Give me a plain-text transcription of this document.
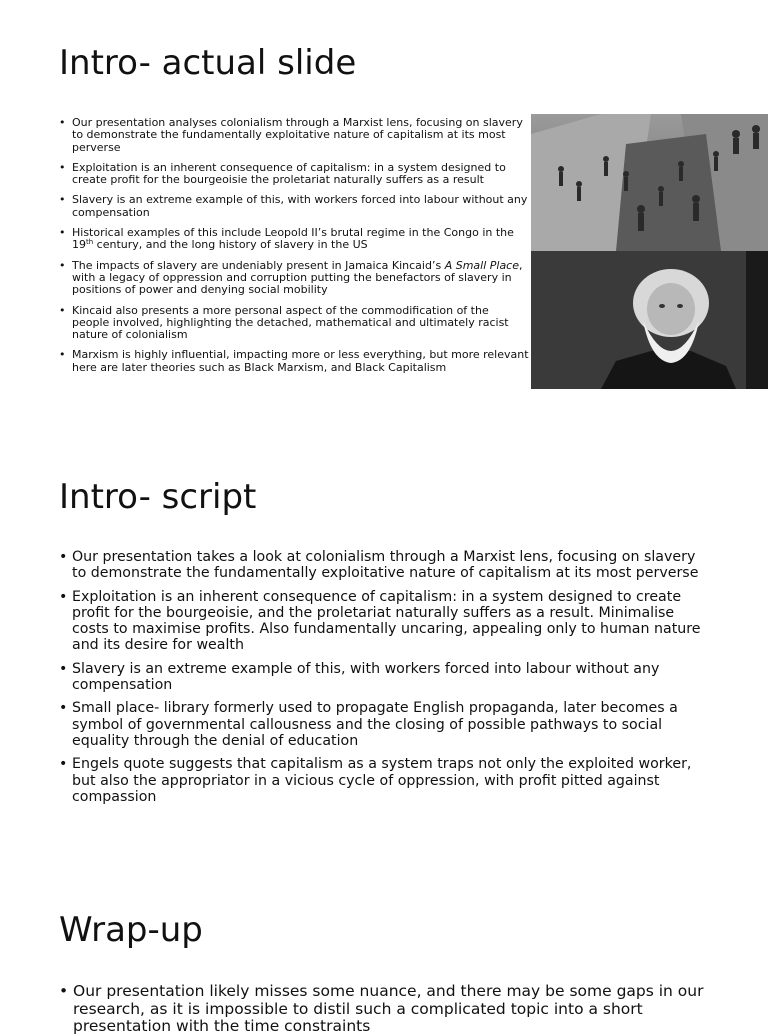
Intro- actual slide
• Our presentation analyses colonialism through a Marxist lens, focusing on slavery to demonstrate the fundamentally exploitative nature of capitalism at its most perverse
• Exploitation is an inherent consequence of capitalism: in a system designed to create profit for the bourgeoisie the proletariat naturally suffers as a result
• Slavery is an extreme example of this, with workers forced into labour without any compensation
• Historical examples of this include Leopold II’s brutal regime in the Congo in the 19th century, and the long history of slavery in the US
• The impacts of slavery are undeniably present in Jamaica Kincaid’s A Small Place, with a legacy of oppression and corruption putting the benefactors of slavery in positions of power and denying social mobility
• Kincaid also presents a more personal aspect of the commodification of the people involved, highlighting the detached, mathematical and ultimately racist nature of colonialism
• Marxism is highly influential, impacting more or less everything, but more relevant here are later theories such as Black Marxism, and Black Capitalism
Intro- script
• Our presentation takes a look at colonialism through a Marxist lens, focusing on slavery to demonstrate the fundamentally exploitative nature of capitalism at its most perverse
• Exploitation is an inherent consequence of capitalism: in a system designed to create profit for the bourgeoisie, and the proletariat naturally suffers as a result. Minimalise costs to maximise profits. Also fundamentally uncaring, appealing only to human nature and its desire for wealth
• Slavery is an extreme example of this, with workers forced into labour without any compensation
• Small place- library formerly used to propagate English propaganda, later becomes a symbol of governmental callousness and the closing of possible pathways to social equality through the denial of education
• Engels quote suggests that capitalism as a system traps not only the exploited worker, but also the appropriator in a vicious cycle of oppression, with profit pitted against compassion
Wrap-up
• Our presentation likely misses some nuance, and there may be some gaps in our research, as it is impossible to distil such a complicated topic into a short presentation with the time constraints
